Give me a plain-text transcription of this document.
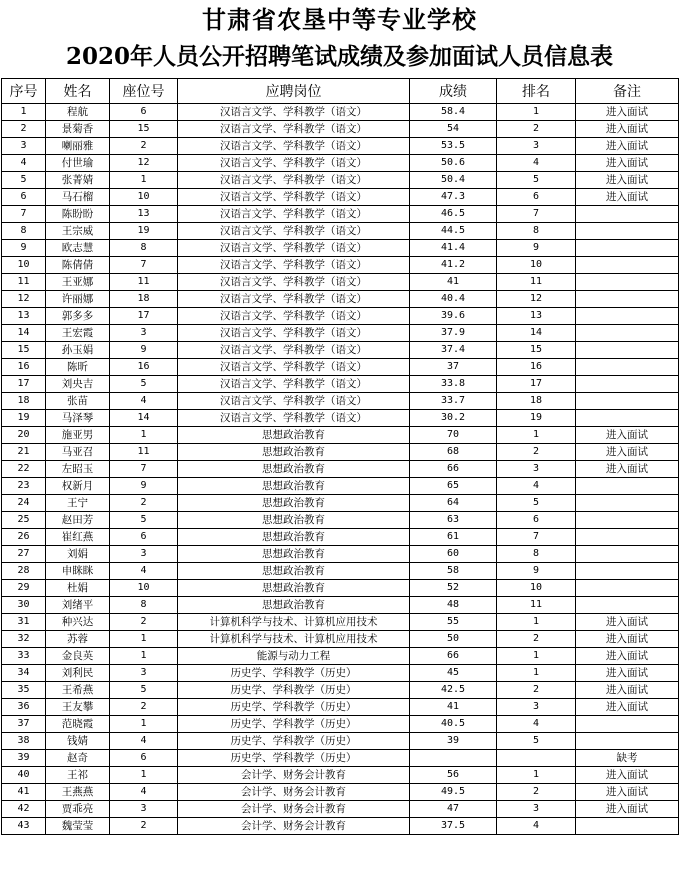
甘肃省农垦中等专业学校
2020年人员公开招聘笔试成绩及参加面试人员信息表
序号	姓名	座位号	应聘岗位	成绩	排名	备注
1	程航	6	汉语言文学、学科教学（语文）	58.4	1	进入面试
2	景菊香	15	汉语言文学、学科教学（语文）	54	2	进入面试
3	喇丽雅	2	汉语言文学、学科教学（语文）	53.5	3	进入面试
4	付世瑜	12	汉语言文学、学科教学（语文）	50.6	4	进入面试
5	张菁婧	1	汉语言文学、学科教学（语文）	50.4	5	进入面试
6	马石榴	10	汉语言文学、学科教学（语文）	47.3	6	进入面试
7	陈盼盼	13	汉语言文学、学科教学（语文）	46.5	7	
8	王宗威	19	汉语言文学、学科教学（语文）	44.5	8	
9	欧志慧	8	汉语言文学、学科教学（语文）	41.4	9	
10	陈倩倩	7	汉语言文学、学科教学（语文）	41.2	10	
11	王亚娜	11	汉语言文学、学科教学（语文）	41	11	
12	许丽娜	18	汉语言文学、学科教学（语文）	40.4	12	
13	郭多多	17	汉语言文学、学科教学（语文）	39.6	13	
14	王宏霞	3	汉语言文学、学科教学（语文）	37.9	14	
15	孙玉娟	9	汉语言文学、学科教学（语文）	37.4	15	
16	陈昕	16	汉语言文学、学科教学（语文）	37	16	
17	刘央吉	5	汉语言文学、学科教学（语文）	33.8	17	
18	张苗	4	汉语言文学、学科教学（语文）	33.7	18	
19	马泽琴	14	汉语言文学、学科教学（语文）	30.2	19	
20	施亚男	1	思想政治教育	70	1	进入面试
21	马亚召	11	思想政治教育	68	2	进入面试
22	左昭玉	7	思想政治教育	66	3	进入面试
23	权新月	9	思想政治教育	65	4	
24	王宁	2	思想政治教育	64	5	
25	赵田芳	5	思想政治教育	63	6	
26	崔红燕	6	思想政治教育	61	7	
27	刘娟	3	思想政治教育	60	8	
28	申眯眯	4	思想政治教育	58	9	
29	杜娟	10	思想政治教育	52	10	
30	刘绪平	8	思想政治教育	48	11	
31	种兴达	2	计算机科学与技术、计算机应用技术	55	1	进入面试
32	苏蓉	1	计算机科学与技术、计算机应用技术	50	2	进入面试
33	金良英	1	能源与动力工程	66	1	进入面试
34	刘利民	3	历史学、学科教学（历史）	45	1	进入面试
35	王希燕	5	历史学、学科教学（历史）	42.5	2	进入面试
36	王友攀	2	历史学、学科教学（历史）	41	3	进入面试
37	范晓霞	1	历史学、学科教学（历史）	40.5	4	
38	钱婧	4	历史学、学科教学（历史）	39	5	
39	赵奇	6	历史学、学科教学（历史）			缺考
40	王祁	1	会计学、财务会计教育	56	1	进入面试
41	王燕燕	4	会计学、财务会计教育	49.5	2	进入面试
42	贾乖亮	3	会计学、财务会计教育	47	3	进入面试
43	魏莹莹	2	会计学、财务会计教育	37.5	4	
